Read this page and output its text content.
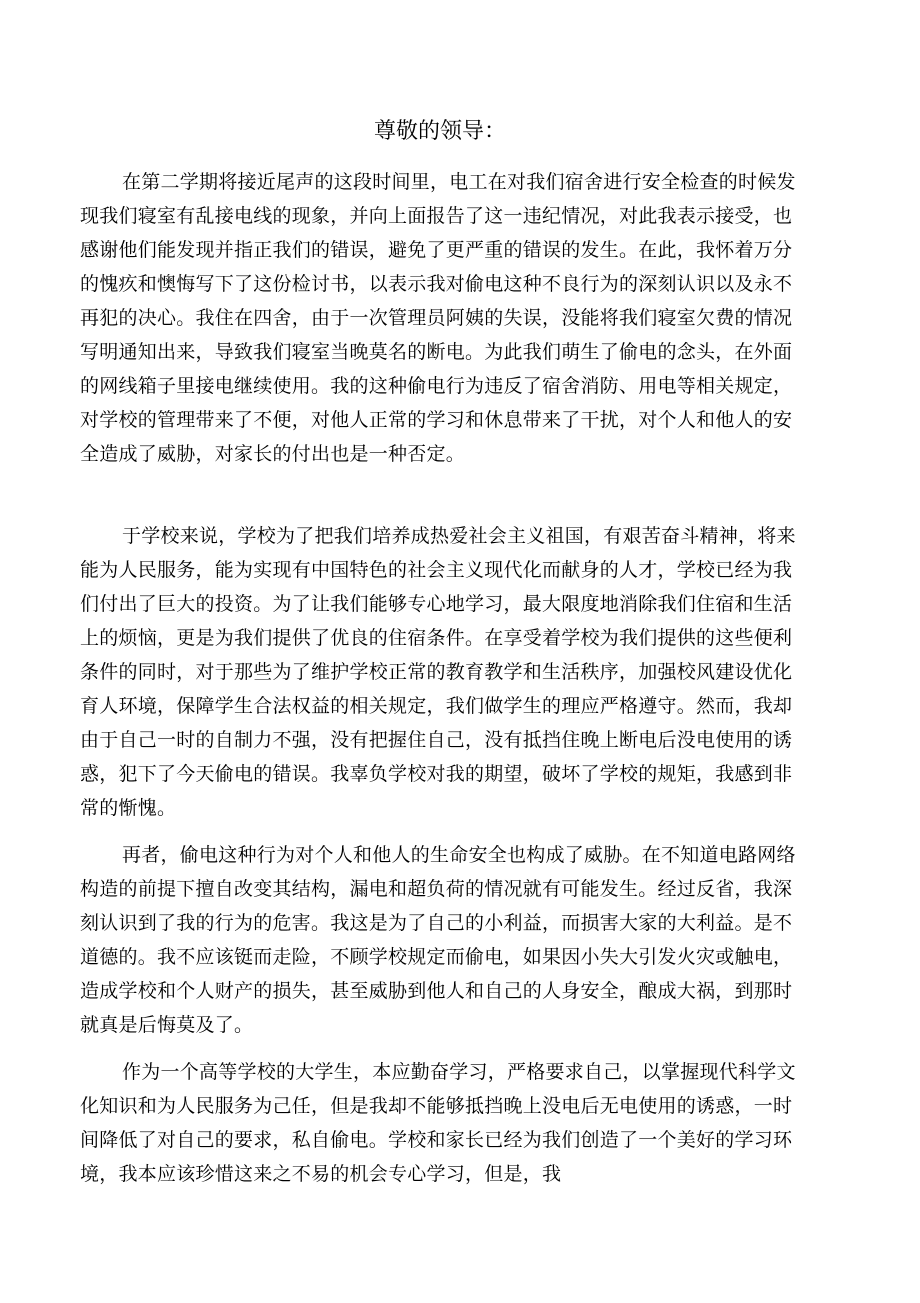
尊敬的领导：

在第二学期将接近尾声的这段时间里，电工在对我们宿舍进行安全检查的时候发现我们寝室有乱接电线的现象，并向上面报告了这一违纪情况，对此我表示接受，也感谢他们能发现并指正我们的错误，避免了更严重的错误的发生。在此，我怀着万分的愧疚和懊悔写下了这份检讨书，以表示我对偷电这种不良行为的深刻认识以及永不再犯的决心。我住在四舍，由于一次管理员阿姨的失误，没能将我们寝室欠费的情况写明通知出来，导致我们寝室当晚莫名的断电。为此我们萌生了偷电的念头，在外面的网线箱子里接电继续使用。我的这种偷电行为违反了宿舍消防、用电等相关规定，对学校的管理带来了不便，对他人正常的学习和休息带来了干扰，对个人和他人的安全造成了威胁，对家长的付出也是一种否定。

于学校来说，学校为了把我们培养成热爱社会主义祖国，有艰苦奋斗精神，将来能为人民服务，能为实现有中国特色的社会主义现代化而献身的人才，学校已经为我们付出了巨大的投资。为了让我们能够专心地学习，最大限度地消除我们住宿和生活上的烦恼，更是为我们提供了优良的住宿条件。在享受着学校为我们提供的这些便利条件的同时，对于那些为了维护学校正常的教育教学和生活秩序，加强校风建设优化育人环境，保障学生合法权益的相关规定，我们做学生的理应严格遵守。然而，我却由于自己一时的自制力不强，没有把握住自己，没有抵挡住晚上断电后没电使用的诱惑，犯下了今天偷电的错误。我辜负学校对我的期望，破坏了学校的规矩，我感到非常的惭愧。

再者，偷电这种行为对个人和他人的生命安全也构成了威胁。在不知道电路网络构造的前提下擅自改变其结构，漏电和超负荷的情况就有可能发生。经过反省，我深刻认识到了我的行为的危害。我这是为了自己的小利益，而损害大家的大利益。是不道德的。我不应该铤而走险，不顾学校规定而偷电，如果因小失大引发火灾或触电，造成学校和个人财产的损失，甚至威胁到他人和自己的人身安全，酿成大祸，到那时就真是后悔莫及了。

作为一个高等学校的大学生，本应勤奋学习，严格要求自己，以掌握现代科学文化知识和为人民服务为己任，但是我却不能够抵挡晚上没电后无电使用的诱惑，一时间降低了对自己的要求，私自偷电。学校和家长已经为我们创造了一个美好的学习环境，我本应该珍惜这来之不易的机会专心学习，但是，我
